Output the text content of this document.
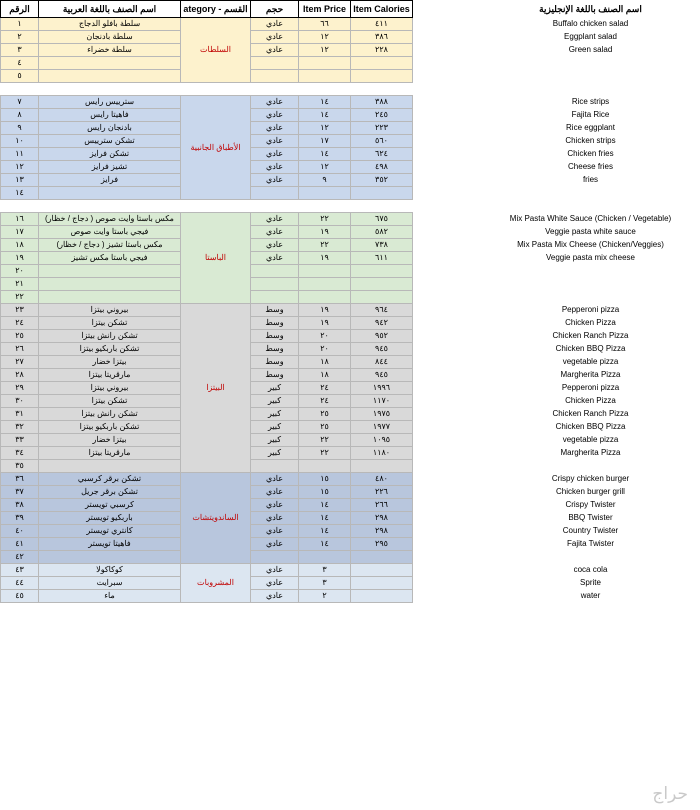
الرقم	اسم الصنف باللغة العربية	ategory - القسم	حجم	Item Price	Item Calories		اسم الصنف باللغة الإنجليزية
١	سلطة بافلو الدجاج	السلطات	عادي	٦٦	٤١١		Buffalo chicken salad
٢	سلطة بادنجان		عادي	١٢	٣٨٦		Eggplant salad
٣	سلطة خضراء		عادي	١٢	٢٢٨		Green salad
٤							
٥							

٧	سترييس رايس	الأطباق الجانبية	عادي	١٤	٣٨٨		Rice strips
٨	فاهيتا رايس		عادي	١٤	٢٤٥		Fajita Rice
٩	بادنجان رايس		عادي	١٢	٢٢٣		Rice eggplant
١٠	تشكن سترييس		عادي	١٧	٥٦٠		Chicken strips
١١	تشكن فرايز		عادي	١٤	٦٢٤		Chicken fries
١٢	تشيز فرايز		عادي	١٢	٤٩٨		Cheese fries
١٣	فرايز		عادي	٩	٣٥٢		fries
١٤							

١٦	مكس باستا وايت صوص ( دجاج / خظار)	الباستا	عادي	٢٢	٦٧٥		Mix Pasta White Sauce (Chicken / Vegetable)
١٧	فيجي باستا وايت صوص		عادي	١٩	٥٨٢		Veggie pasta white sauce
١٨	مكس باستا تشيز ( دجاج / خظار)		عادي	٢٢	٧٣٨		Mix Pasta Mix Cheese (Chicken/Veggies)
١٩	فيجي باستا مكس تشيز		عادي	١٩	٦١١		Veggie pasta mix cheese
٢٠							
٢١							
٢٢							
٢٣	بيروني بيتزا	البيتزا	وسط	١٩	٩٦٤		Pepperoni pizza
٢٤	تشكن بيتزا		وسط	١٩	٩٤٢		Chicken Pizza
٢٥	تشكن رانش بيتزا		وسط	٢٠	٩٥٢		Chicken Ranch Pizza
٢٦	تشكن باربكيو بيتزا		وسط	٢٠	٩٤٥		Chicken BBQ Pizza
٢٧	بيتزا خضار		وسط	١٨	٨٤٤		vegetable pizza
٢٨	مارقريتا بيتزا		وسط	١٨	٩٤٥		Margherita Pizza
٢٩	بيروني بيتزا		كبير	٢٤	١٩٩٦		Pepperoni pizza
٣٠	تشكن بيتزا		كبير	٢٤	١١٧٠		Chicken Pizza
٣١	تشكن رانش بيتزا		كبير	٢٥	١٩٧٥		Chicken Ranch Pizza
٣٢	تشكن باربكيو بيتزا		كبير	٢٥	١٩٧٧		Chicken BBQ Pizza
٣٣	بيتزا خضار		كبير	٢٢	١٠٩٥		vegetable pizza
٣٤	مارقريتا بيتزا		كبير	٢٢	١١٨٠		Margherita Pizza
٣٥							
٣٦	تشكن برقر كرسبي	الساندويتشات	عادي	١٥	٤٨٠		Crispy chicken burger
٣٧	تشكن برقر جريل		عادي	١٥	٢٢٦		Chicken burger grill
٣٨	كرسبي تويستر		عادي	١٤	٢٦٦		Crispy Twister
٣٩	باربكيو تويستر		عادي	١٤	٢٩٨		BBQ Twister
٤٠	كانتري تويستر		عادي	١٤	٢٩٨		Country Twister
٤١	فاهيتا تويستر		عادي	١٤	٢٩٥		Fajita Twister
٤٢							
٤٣	كوكاكولا	المشروبات	عادي	٣			coca cola
٤٤	سبرايت		عادي	٣			Sprite
٤٥	ماء		عادي	٢			water
حراج
